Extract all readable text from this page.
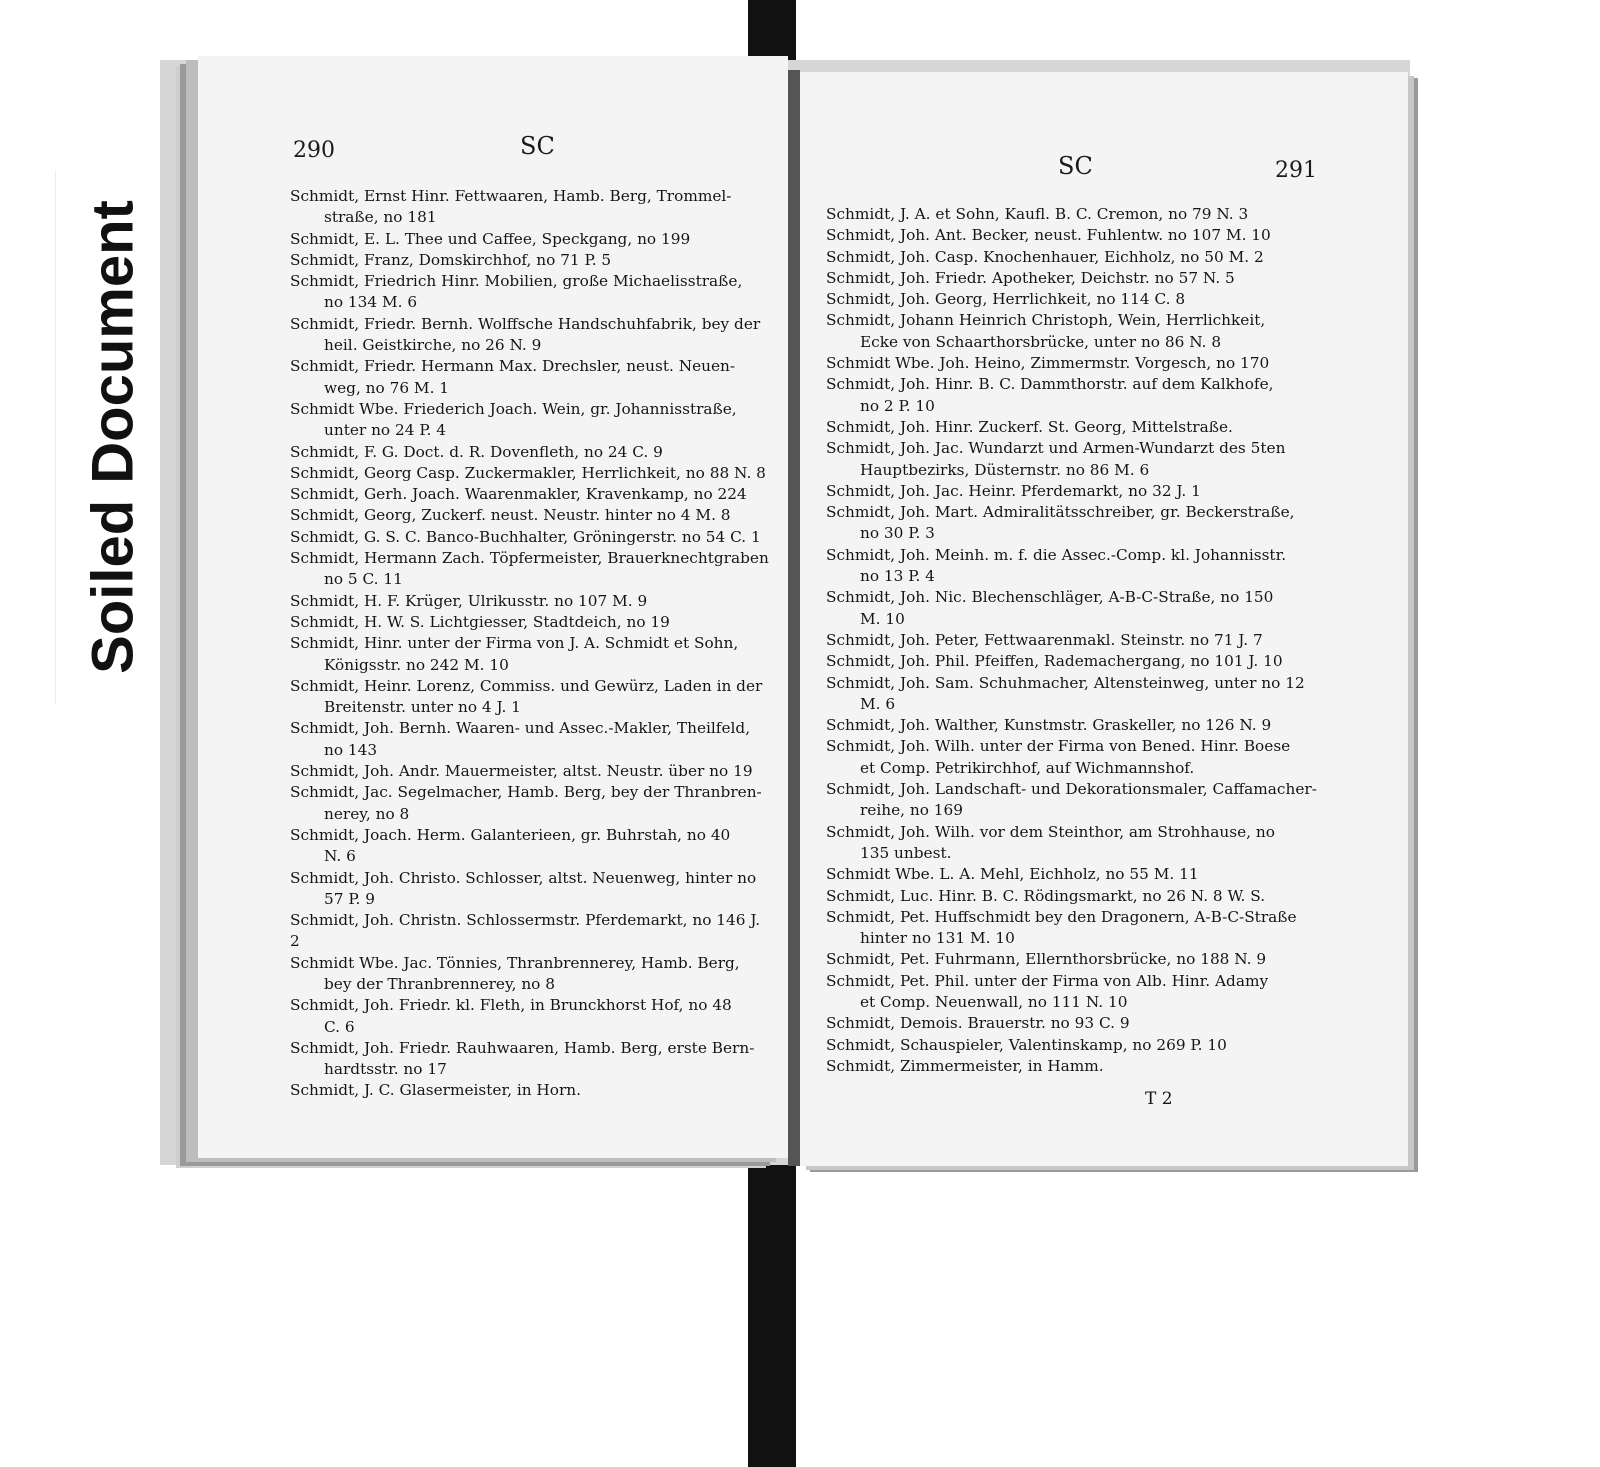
Soiled Document
290	SC
Schmidt, Ernst Hinr. Fettwaaren, Hamb. Berg, Trommel-
straße, no 181
Schmidt, E. L. Thee und Caffee, Speckgang, no 199
Schmidt, Franz, Domskirchhof, no 71 P. 5
Schmidt, Friedrich Hinr. Mobilien, große Michaelisstraße,
no 134 M. 6
Schmidt, Friedr. Bernh. Wolffsche Handschuhfabrik, bey der
heil. Geistkirche, no 26 N. 9
Schmidt, Friedr. Hermann Max. Drechsler, neust. Neuen-
weg, no 76 M. 1
Schmidt Wbe. Friederich Joach. Wein, gr. Johannisstraße,
unter no 24 P. 4
Schmidt, F. G. Doct. d. R. Dovenfleth, no 24 C. 9
Schmidt, Georg Casp. Zuckermakler, Herrlichkeit, no 88 N. 8
Schmidt, Gerh. Joach. Waarenmakler, Kravenkamp, no 224
Schmidt, Georg, Zuckerf. neust. Neustr. hinter no 4 M. 8
Schmidt, G. S. C. Banco-Buchhalter, Gröningerstr. no 54 C. 1
Schmidt, Hermann Zach. Töpfermeister, Brauerknechtgraben
no 5 C. 11
Schmidt, H. F. Krüger, Ulrikusstr. no 107 M. 9
Schmidt, H. W. S. Lichtgiesser, Stadtdeich, no 19
Schmidt, Hinr. unter der Firma von J. A. Schmidt et Sohn,
Königsstr. no 242 M. 10
Schmidt, Heinr. Lorenz, Commiss. und Gewürz, Laden in der
Breitenstr. unter no 4 J. 1
Schmidt, Joh. Bernh. Waaren- und Assec.-Makler, Theilfeld,
no 143
Schmidt, Joh. Andr. Mauermeister, altst. Neustr. über no 19
Schmidt, Jac. Segelmacher, Hamb. Berg, bey der Thranbren-
nerey, no 8
Schmidt, Joach. Herm. Galanterieen, gr. Buhrstah, no 40
N. 6
Schmidt, Joh. Christo. Schlosser, altst. Neuenweg, hinter no
57 P. 9
Schmidt, Joh. Christn. Schlossermstr. Pferdemarkt, no 146 J. 2
Schmidt Wbe. Jac. Tönnies, Thranbrennerey, Hamb. Berg,
bey der Thranbrennerey, no 8
Schmidt, Joh. Friedr. kl. Fleth, in Brunckhorst Hof, no 48
C. 6
Schmidt, Joh. Friedr. Rauhwaaren, Hamb. Berg, erste Bern-
hardtsstr. no 17
Schmidt, J. C. Glasermeister, in Horn.
SC	291
Schmidt, J. A. et Sohn, Kaufl. B. C. Cremon, no 79 N. 3
Schmidt, Joh. Ant. Becker, neust. Fuhlentw. no 107 M. 10
Schmidt, Joh. Casp. Knochenhauer, Eichholz, no 50 M. 2
Schmidt, Joh. Friedr. Apotheker, Deichstr. no 57 N. 5
Schmidt, Joh. Georg, Herrlichkeit, no 114 C. 8
Schmidt, Johann Heinrich Christoph, Wein, Herrlichkeit,
Ecke von Schaarthorsbrücke, unter no 86 N. 8
Schmidt Wbe. Joh. Heino, Zimmermstr. Vorgesch, no 170
Schmidt, Joh. Hinr. B. C. Dammthorstr. auf dem Kalkhofe,
no 2 P. 10
Schmidt, Joh. Hinr. Zuckerf. St. Georg, Mittelstraße.
Schmidt, Joh. Jac. Wundarzt und Armen-Wundarzt des 5ten
Hauptbezirks, Düsternstr. no 86 M. 6
Schmidt, Joh. Jac. Heinr. Pferdemarkt, no 32 J. 1
Schmidt, Joh. Mart. Admiralitätsschreiber, gr. Beckerstraße,
no 30 P. 3
Schmidt, Joh. Meinh. m. f. die Assec.-Comp. kl. Johannisstr.
no 13 P. 4
Schmidt, Joh. Nic. Blechenschläger, A-B-C-Straße, no 150
M. 10
Schmidt, Joh. Peter, Fettwaarenmakl. Steinstr. no 71 J. 7
Schmidt, Joh. Phil. Pfeiffen, Rademachergang, no 101 J. 10
Schmidt, Joh. Sam. Schuhmacher, Altensteinweg, unter no 12
M. 6
Schmidt, Joh. Walther, Kunstmstr. Graskeller, no 126 N. 9
Schmidt, Joh. Wilh. unter der Firma von Bened. Hinr. Boese
et Comp. Petrikirchhof, auf Wichmannshof.
Schmidt, Joh. Landschaft- und Dekorationsmaler, Caffamacher-
reihe, no 169
Schmidt, Joh. Wilh. vor dem Steinthor, am Strohhause, no
135 unbest.
Schmidt Wbe. L. A. Mehl, Eichholz, no 55 M. 11
Schmidt, Luc. Hinr. B. C. Rödingsmarkt, no 26 N. 8 W. S.
Schmidt, Pet. Huffschmidt bey den Dragonern, A-B-C-Straße
hinter no 131 M. 10
Schmidt, Pet. Fuhrmann, Ellernthorsbrücke, no 188 N. 9
Schmidt, Pet. Phil. unter der Firma von Alb. Hinr. Adamy
et Comp. Neuenwall, no 111 N. 10
Schmidt, Demois. Brauerstr. no 93 C. 9
Schmidt, Schauspieler, Valentinskamp, no 269 P. 10
Schmidt, Zimmermeister, in Hamm.
T 2
